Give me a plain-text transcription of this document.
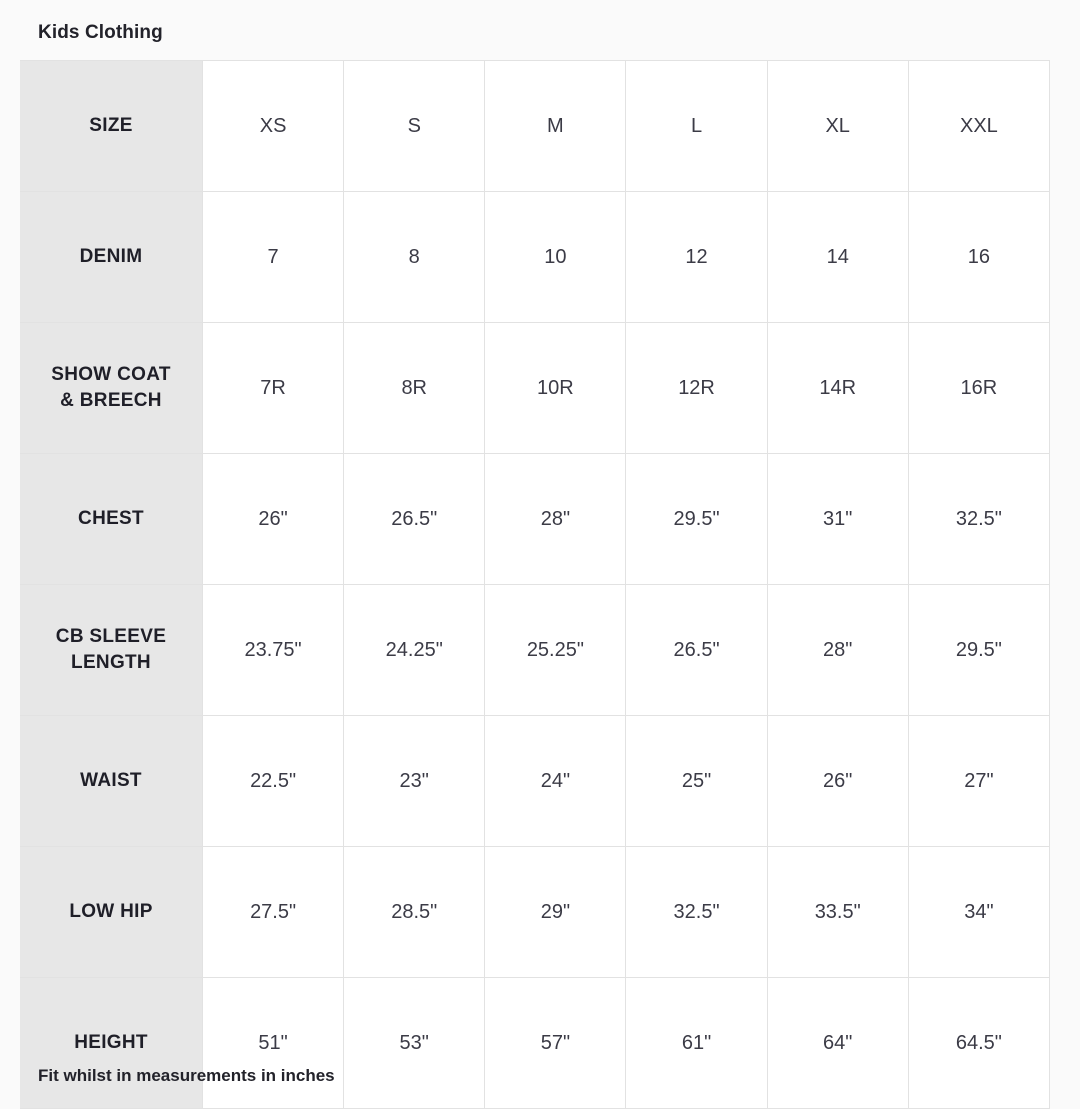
Kids Clothing
SIZE	XS	S	M	L	XL	XXL
DENIM	7	8	10	12	14	16
SHOW COAT
& BREECH	7R	8R	10R	12R	14R	16R
CHEST	26"	26.5"	28"	29.5"	31"	32.5"
CB SLEEVE
LENGTH	23.75"	24.25"	25.25"	26.5"	28"	29.5"
WAIST	22.5"	23"	24"	25"	26"	27"
LOW HIP	27.5"	28.5"	29"	32.5"	33.5"	34"
HEIGHT	51"	53"	57"	61"	64"	64.5"
Fit whilst in measurements in inches
